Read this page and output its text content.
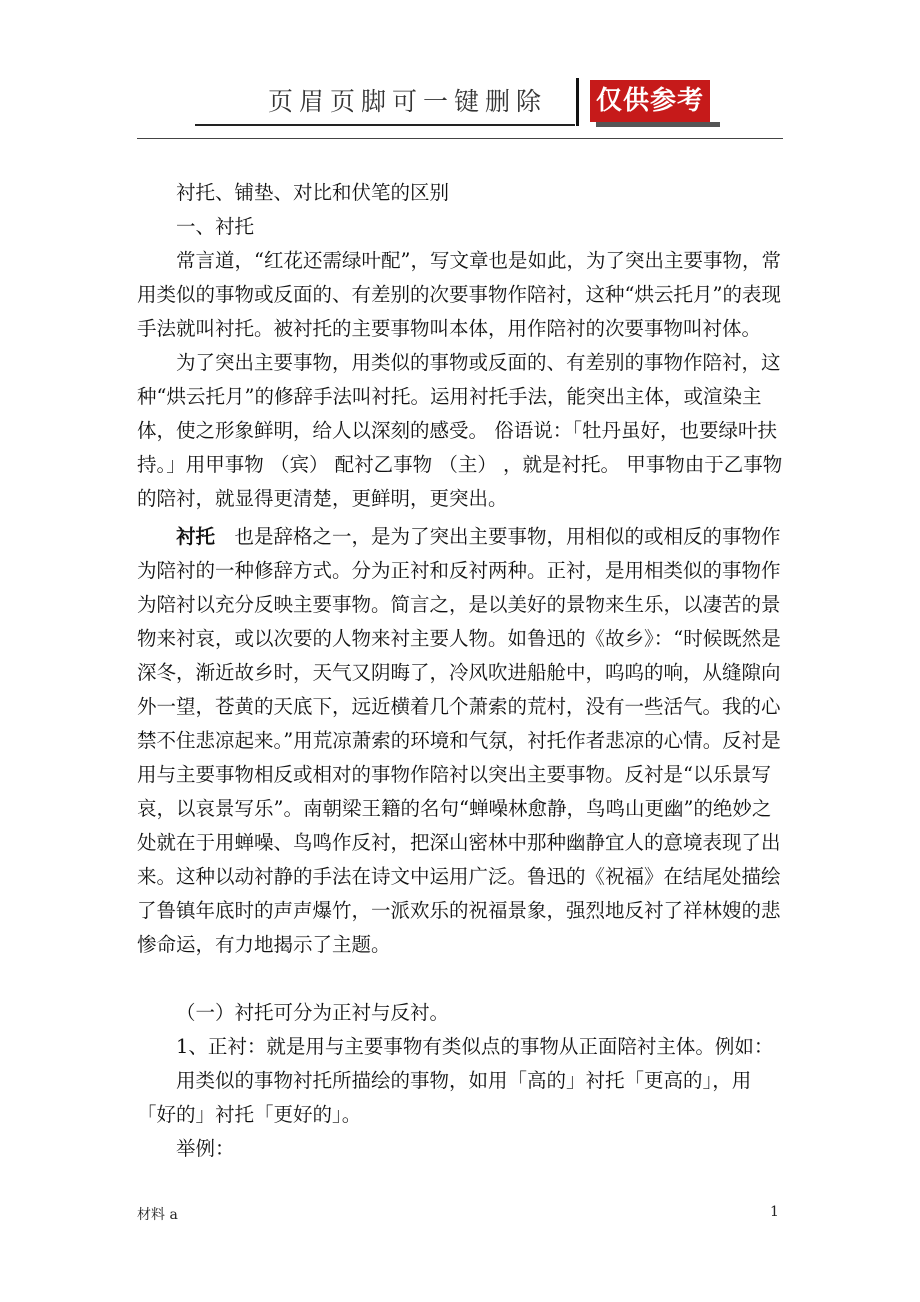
页眉页脚可一键删除 仅供参考

衬托、铺垫、对比和伏笔的区别

一、衬托

常言道，“红花还需绿叶配”，写文章也是如此，为了突出主要事物，常用类似的事物或反面的、有差别的次要事物作陪衬，这种“烘云托月”的表现手法就叫衬托。被衬托的主要事物叫本体，用作陪衬的次要事物叫衬体。

为了突出主要事物，用类似的事物或反面的、有差别的事物作陪衬，这种“烘云托月”的修辞手法叫衬托。运用衬托手法，能突出主体，或渲染主体，使之形象鲜明，给人以深刻的感受。 俗语说：「牡丹虽好，也要绿叶扶持。」用甲事物 （宾） 配衬乙事物 （主） ，就是衬托。 甲事物由于乙事物的陪衬，就显得更清楚，更鲜明，更突出。

衬托　也是辞格之一，是为了突出主要事物，用相似的或相反的事物作为陪衬的一种修辞方式。分为正衬和反衬两种。正衬，是用相类似的事物作为陪衬以充分反映主要事物。简言之，是以美好的景物来生乐，以凄苦的景物来衬哀，或以次要的人物来衬主要人物。如鲁迅的《故乡》：“时候既然是深冬，渐近故乡时，天气又阴晦了，冷风吹进船舱中，呜呜的响，从缝隙向外一望，苍黄的天底下，远近横着几个萧索的荒村，没有一些活气。我的心禁不住悲凉起来。”用荒凉萧索的环境和气氛，衬托作者悲凉的心情。反衬是用与主要事物相反或相对的事物作陪衬以突出主要事物。反衬是“以乐景写哀，以哀景写乐”。南朝梁王籍的名句“蝉噪林愈静，鸟鸣山更幽”的绝妙之处就在于用蝉噪、鸟鸣作反衬，把深山密林中那种幽静宜人的意境表现了出来。这种以动衬静的手法在诗文中运用广泛。鲁迅的《祝福》在结尾处描绘了鲁镇年底时的声声爆竹，一派欢乐的祝福景象，强烈地反衬了祥林嫂的悲惨命运，有力地揭示了主题。

（一）衬托可分为正衬与反衬。

1、正衬：就是用与主要事物有类似点的事物从正面陪衬主体。例如：

用类似的事物衬托所描绘的事物，如用「高的」衬托「更高的」，用「好的」衬托「更好的」。

举例：

材料 a	1
